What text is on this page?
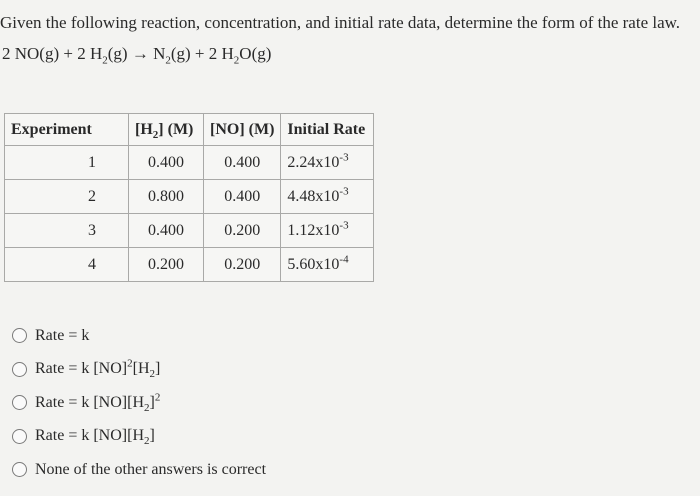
Given the following reaction, concentration, and initial rate data, determine the form of the rate law.
2 NO(g) + 2 $H_2(g) \to N_2(g) + 2$ $H_2O(g)$
Experiment	$[H_2]$ (M)	[NO] (M)	Initial Rate
1	0.400	0.400	$2.24x10^{-3}$
2	0.800	0.400	$4.48x10^{-3}$
3	0.400	0.200	$1.12x10^{-3}$
4	0.200	0.200	$5.60x10^{-4}$
Rate = k
Rate = k $[NO]^2[H_2]$
Rate = k $[NO][H_2]^2$
Rate = k $[NO][H_2]$
None of the other answers is correct
